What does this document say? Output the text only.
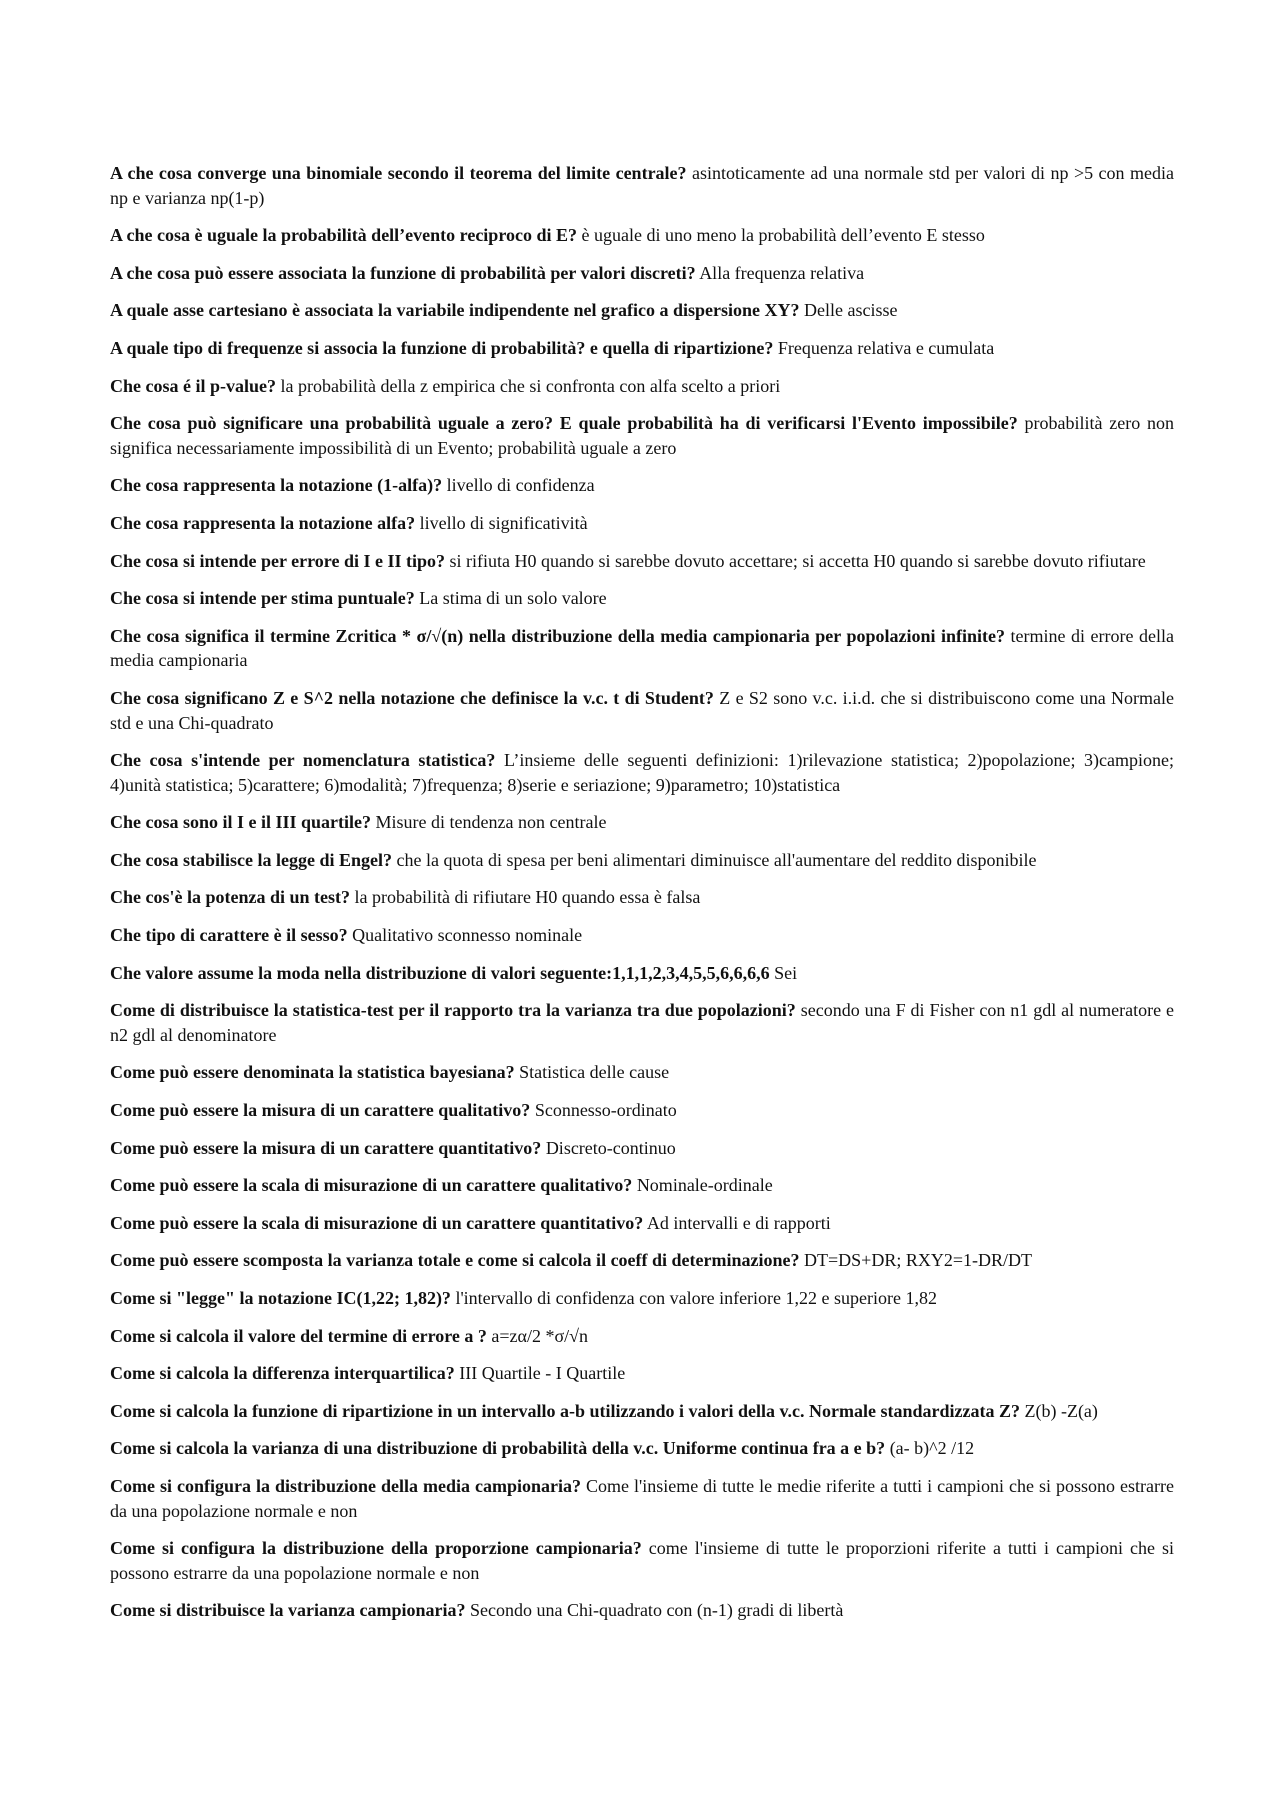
A che cosa converge una binomiale secondo il teorema del limite centrale? asintoticamente ad una normale std per valori di np >5 con media np e varianza np(1-p)

A che cosa è uguale la probabilità dell’evento reciproco di E? è uguale di uno meno la probabilità dell’evento E stesso

A che cosa può essere associata la funzione di probabilità per valori discreti? Alla frequenza relativa

A quale asse cartesiano è associata la variabile indipendente nel grafico a dispersione XY? Delle ascisse

A quale tipo di frequenze si associa la funzione di probabilità? e quella di ripartizione? Frequenza relativa e cumulata

Che cosa é il p-value? la probabilità della z empirica che si confronta con alfa scelto a priori

Che cosa può significare una probabilità uguale a zero? E quale probabilità ha di verificarsi l'Evento impossibile? probabilità zero non significa necessariamente impossibilità di un Evento; probabilità uguale a zero

Che cosa rappresenta la notazione (1-alfa)? livello di confidenza

Che cosa rappresenta la notazione alfa? livello di significatività

Che cosa si intende per errore di I e II tipo? si rifiuta H0 quando si sarebbe dovuto accettare; si accetta H0 quando si sarebbe dovuto rifiutare

Che cosa si intende per stima puntuale? La stima di un solo valore

Che cosa significa il termine Zcritica * σ/√(n) nella distribuzione della media campionaria per popolazioni infinite? termine di errore della media campionaria

Che cosa significano Z e S^2 nella notazione che definisce la v.c. t di Student? Z e S2 sono v.c. i.i.d. che si distribuiscono come una Normale std e una Chi-quadrato

Che cosa s'intende per nomenclatura statistica? L’insieme delle seguenti definizioni: 1)rilevazione statistica; 2)popolazione; 3)campione; 4)unità statistica; 5)carattere; 6)modalità; 7)frequenza; 8)serie e seriazione; 9)parametro; 10)statistica

Che cosa sono il I e il III quartile? Misure di tendenza non centrale

Che cosa stabilisce la legge di Engel? che la quota di spesa per beni alimentari diminuisce all'aumentare del reddito disponibile

Che cos'è la potenza di un test? la probabilità di rifiutare H0 quando essa è falsa

Che tipo di carattere è il sesso? Qualitativo sconnesso nominale

Che valore assume la moda nella distribuzione di valori seguente:1,1,1,2,3,4,5,5,6,6,6,6 Sei

Come di distribuisce la statistica-test per il rapporto tra la varianza tra due popolazioni? secondo una F di Fisher con n1 gdl al numeratore e n2 gdl al denominatore

Come può essere denominata la statistica bayesiana? Statistica delle cause

Come può essere la misura di un carattere qualitativo? Sconnesso-ordinato

Come può essere la misura di un carattere quantitativo? Discreto-continuo

Come può essere la scala di misurazione di un carattere qualitativo? Nominale-ordinale

Come può essere la scala di misurazione di un carattere quantitativo? Ad intervalli e di rapporti

Come può essere scomposta la varianza totale e come si calcola il coeff di determinazione? DT=DS+DR; RXY2=1-DR/DT

Come si "legge" la notazione IC(1,22; 1,82)? l'intervallo di confidenza con valore inferiore 1,22 e superiore 1,82

Come si calcola il valore del termine di errore a ? a=zα/2 *σ/√n

Come si calcola la differenza interquartilica? III Quartile - I Quartile

Come si calcola la funzione di ripartizione in un intervallo a-b utilizzando i valori della v.c. Normale standardizzata Z? Z(b) -Z(a)

Come si calcola la varianza di una distribuzione di probabilità della v.c. Uniforme continua fra a e b? (a- b)^2 /12

Come si configura la distribuzione della media campionaria? Come l'insieme di tutte le medie riferite a tutti i campioni che si possono estrarre da una popolazione normale e non

Come si configura la distribuzione della proporzione campionaria? come l'insieme di tutte le proporzioni riferite a tutti i campioni che si possono estrarre da una popolazione normale e non

Come si distribuisce la varianza campionaria? Secondo una Chi-quadrato con (n-1) gradi di libertà
